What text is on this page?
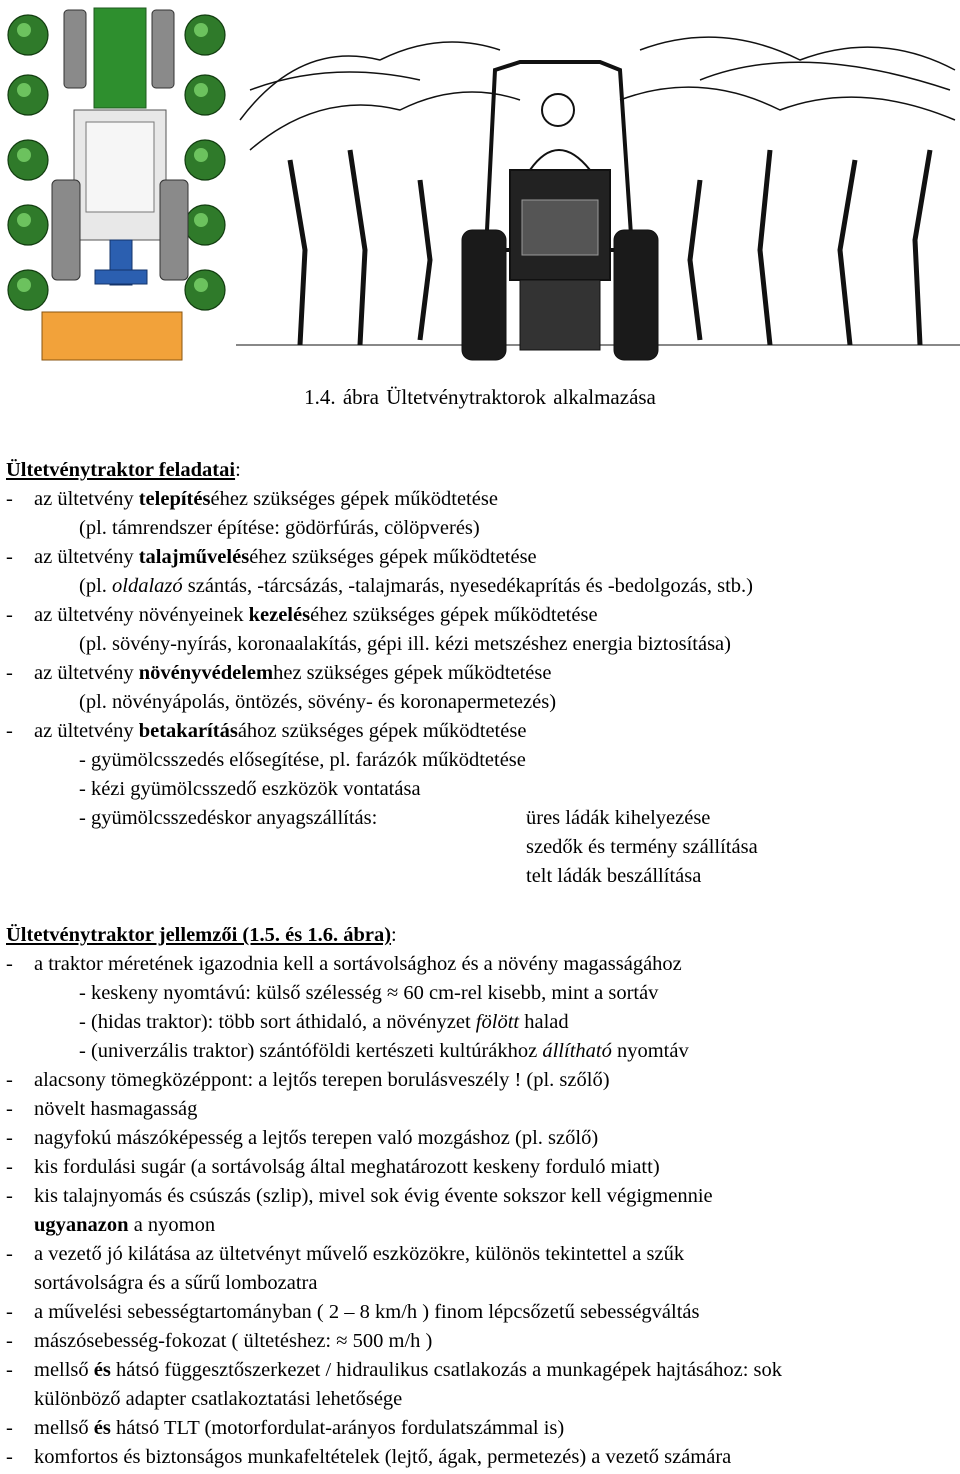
1.4. ábra Ültetvénytraktorok alkalmazása
Ültetvénytraktor feladatai:
- az ültetvény telepítéséhez szükséges gépek működtetése
(pl. támrendszer építése: gödörfúrás, cölöpverés)
- az ültetvény talajműveléséhez szükséges gépek működtetése
(pl. oldalazó szántás, -tárcsázás, -talajmarás, nyesedékaprítás és -bedolgozás, stb.)
- az ültetvény növényeinek kezeléséhez szükséges gépek működtetése
(pl. sövény-nyírás, koronaalakítás, gépi ill. kézi metszéshez energia biztosítása)
- az ültetvény növényvédelemhez szükséges gépek működtetése
(pl. növényápolás, öntözés, sövény- és koronapermetezés)
- az ültetvény betakarításához szükséges gépek működtetése
- gyümölcsszedés elősegítése, pl. farázók működtetése
- kézi gyümölcsszedő eszközök vontatása
- gyümölcsszedéskor anyagszállítás:	üres ládák kihelyezése
szedők és termény szállítása
telt ládák beszállítása
Ültetvénytraktor jellemzői (1.5. és 1.6. ábra):
- a traktor méretének igazodnia kell a sortávolsághoz és a növény magasságához
- keskeny nyomtávú: külső szélesség ≈ 60 cm-rel kisebb, mint a sortáv
- (hidas traktor): több sort áthidaló, a növényzet fölött halad
- (univerzális traktor) szántóföldi kertészeti kultúrákhoz állítható nyomtáv
- alacsony tömegközéppont: a lejtős terepen borulásveszély ! (pl. szőlő)
- növelt hasmagasság
- nagyfokú mászóképesség a lejtős terepen való mozgáshoz (pl. szőlő)
- kis fordulási sugár (a sortávolság által meghatározott keskeny forduló miatt)
- kis talajnyomás és csúszás (szlip), mivel sok évig évente sokszor kell végigmennie
ugyanazon a nyomon
- a vezető jó kilátása az ültetvényt művelő eszközökre, különös tekintettel a szűk
sortávolságra és a sűrű lombozatra
- a művelési sebességtartományban ( 2 – 8 km/h ) finom lépcsőzetű sebességváltás
- mászósebesség-fokozat ( ültetéshez: ≈ 500 m/h )
- mellső és hátsó függesztőszerkezet / hidraulikus csatlakozás a munkagépek hajtásához: sok
különböző adapter csatlakoztatási lehetősége
- mellső és hátsó TLT (motorfordulat-arányos fordulatszámmal is)
- komfortos és biztonságos munkafeltételek (lejtő, ágak, permetezés) a vezető számára
